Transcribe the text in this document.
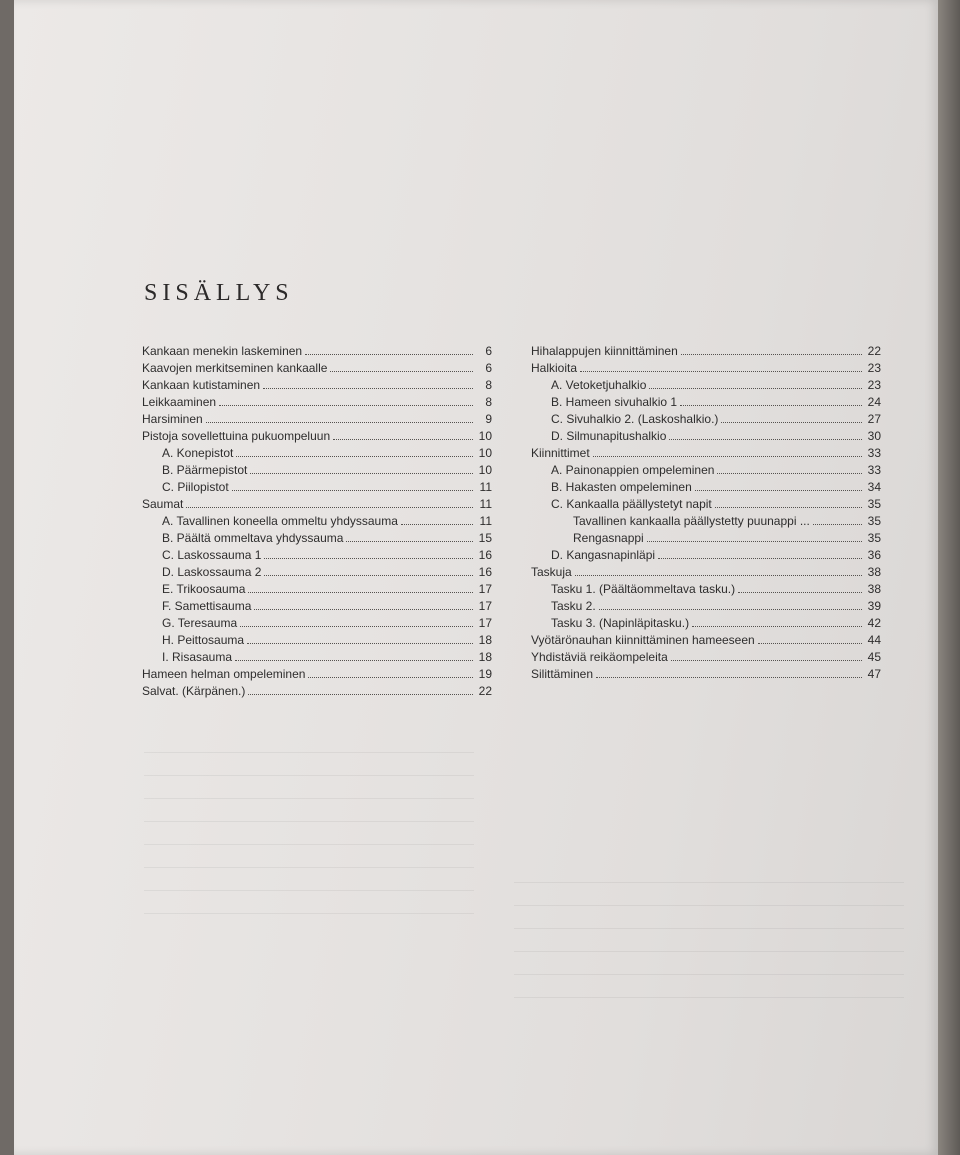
SISÄLLYS
Kankaan menekin laskeminen	6
Kaavojen merkitseminen kankaalle	6
Kankaan kutistaminen	8
Leikkaaminen	8
Harsiminen	9
Pistoja sovellettuina pukuompeluun	10
A. Konepistot	10
B. Päärmepistot	10
C. Piilopistot	11
Saumat	11
A. Tavallinen koneella ommeltu yhdyssauma	11
B. Päältä ommeltava yhdyssauma	15
C. Laskossauma 1	16
D. Laskossauma 2	16
E. Trikoosauma	17
F. Samettisauma	17
G. Teresauma	17
H. Peittosauma	18
I. Risasauma	18
Hameen helman ompeleminen	19
Salvat. (Kärpänen.)	22
Hihalappujen kiinnittäminen	22
Halkioita	23
A. Vetoketjuhalkio	23
B. Hameen sivuhalkio 1	24
C. Sivuhalkio 2. (Laskoshalkio.)	27
D. Silmunapitushalkio	30
Kiinnittimet	33
A. Painonappien ompeleminen	33
B. Hakasten ompeleminen	34
C. Kankaalla päällystetyt napit	35
Tavallinen kankaalla päällystetty puunappi ...	35
Rengasnappi	35
D. Kangasnapinläpi	36
Taskuja	38
Tasku 1. (Päältäommeltava tasku.)	38
Tasku 2.	39
Tasku 3. (Napinläpitasku.)	42
Vyötärönauhan kiinnittäminen hameeseen	44
Yhdistäviä reikäompeleita	45
Silittäminen	47
